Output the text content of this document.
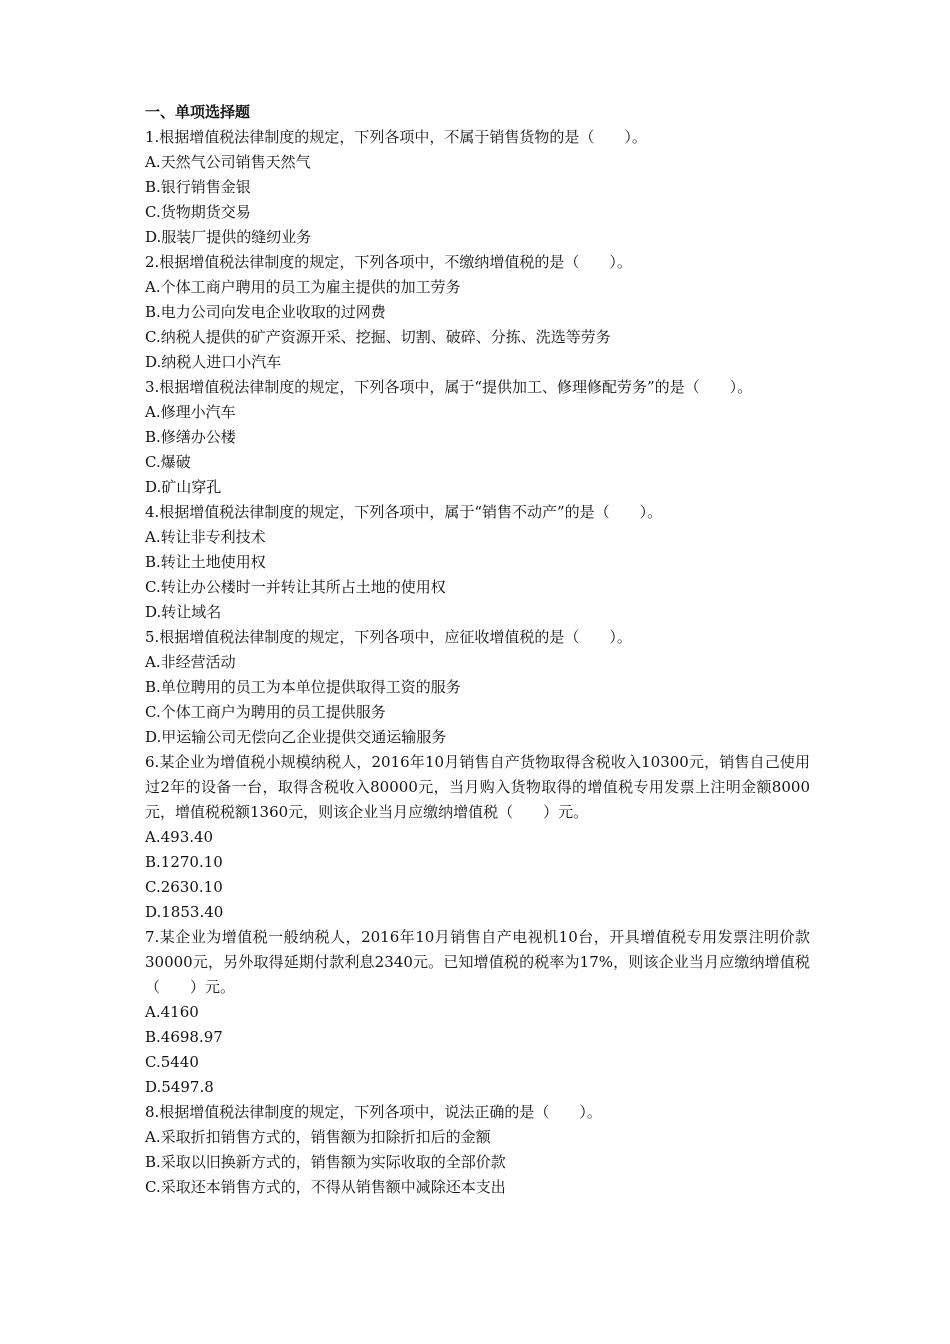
一、单项选择题
1.根据增值税法律制度的规定，下列各项中，不属于销售货物的是（　　）。
A.天然气公司销售天然气
B.银行销售金银
C.货物期货交易
D.服装厂提供的缝纫业务
2.根据增值税法律制度的规定，下列各项中，不缴纳增值税的是（　　）。
A.个体工商户聘用的员工为雇主提供的加工劳务
B.电力公司向发电企业收取的过网费
C.纳税人提供的矿产资源开采、挖掘、切割、破碎、分拣、洗选等劳务
D.纳税人进口小汽车
3.根据增值税法律制度的规定，下列各项中，属于“提供加工、修理修配劳务”的是（　　）。
A.修理小汽车
B.修缮办公楼
C.爆破
D.矿山穿孔
4.根据增值税法律制度的规定，下列各项中，属于“销售不动产”的是（　　）。
A.转让非专利技术
B.转让土地使用权
C.转让办公楼时一并转让其所占土地的使用权
D.转让域名
5.根据增值税法律制度的规定，下列各项中，应征收增值税的是（　　）。
A.非经营活动
B.单位聘用的员工为本单位提供取得工资的服务
C.个体工商户为聘用的员工提供服务
D.甲运输公司无偿向乙企业提供交通运输服务
6.某企业为增值税小规模纳税人，2016年10月销售自产货物取得含税收入10300元，销售自己使用过2年的设备一台，取得含税收入80000元，当月购入货物取得的增值税专用发票上注明金额8000元，增值税税额1360元，则该企业当月应缴纳增值税（　　）元。
A.493.40
B.1270.10
C.2630.10
D.1853.40
7.某企业为增值税一般纳税人，2016年10月销售自产电视机10台，开具增值税专用发票注明价款30000元，另外取得延期付款利息2340元。已知增值税的税率为17%，则该企业当月应缴纳增值税（　　）元。
A.4160
B.4698.97
C.5440
D.5497.8
8.根据增值税法律制度的规定，下列各项中，说法正确的是（　　）。
A.采取折扣销售方式的，销售额为扣除折扣后的金额
B.采取以旧换新方式的，销售额为实际收取的全部价款
C.采取还本销售方式的，不得从销售额中减除还本支出
